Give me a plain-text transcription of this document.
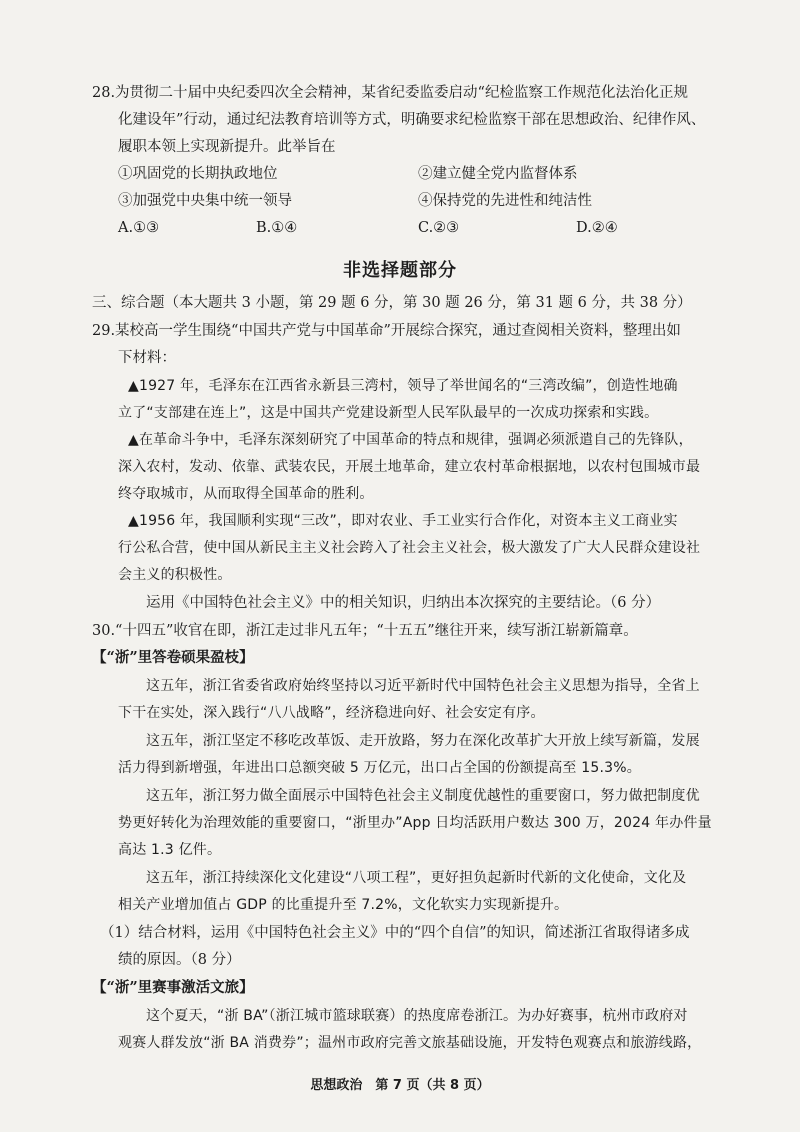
28.为贯彻二十届中央纪委四次全会精神，某省纪委监委启动“纪检监察工作规范化法治化正规
化建设年”行动，通过纪法教育培训等方式，明确要求纪检监察干部在思想政治、纪律作风、
履职本领上实现新提升。此举旨在
①巩固党的长期执政地位	②建立健全党内监督体系
③加强党中央集中统一领导	④保持党的先进性和纯洁性
A.①③	B.①④	C.②③	D.②④
非选择题部分
三、综合题（本大题共 3 小题，第 29 题 6 分，第 30 题 26 分，第 31 题 6 分，共 38 分）
29.某校高一学生围绕“中国共产党与中国革命”开展综合探究，通过查阅相关资料，整理出如
下材料：
▲1927 年，毛泽东在江西省永新县三湾村，领导了举世闻名的“三湾改编”，创造性地确
立了“支部建在连上”，这是中国共产党建设新型人民军队最早的一次成功探索和实践。
▲在革命斗争中，毛泽东深刻研究了中国革命的特点和规律，强调必须派遣自己的先锋队，
深入农村，发动、依靠、武装农民，开展土地革命，建立农村革命根据地，以农村包围城市最
终夺取城市，从而取得全国革命的胜利。
▲1956 年，我国顺利实现“三改”，即对农业、手工业实行合作化，对资本主义工商业实
行公私合营，使中国从新民主主义社会跨入了社会主义社会，极大激发了广大人民群众建设社
会主义的积极性。
运用《中国特色社会主义》中的相关知识，归纳出本次探究的主要结论。（6 分）
30.“十四五”收官在即，浙江走过非凡五年；“十五五”继往开来，续写浙江崭新篇章。
【“浙”里答卷硕果盈枝】
这五年，浙江省委省政府始终坚持以习近平新时代中国特色社会主义思想为指导，全省上
下干在实处，深入践行“八八战略”，经济稳进向好、社会安定有序。
这五年，浙江坚定不移吃改革饭、走开放路，努力在深化改革扩大开放上续写新篇，发展
活力得到新增强，年进出口总额突破 5 万亿元，出口占全国的份额提高至 15.3%。
这五年，浙江努力做全面展示中国特色社会主义制度优越性的重要窗口，努力做把制度优
势更好转化为治理效能的重要窗口，“浙里办”App 日均活跃用户数达 300 万，2024 年办件量
高达 1.3 亿件。
这五年，浙江持续深化文化建设“八项工程”，更好担负起新时代新的文化使命，文化及
相关产业增加值占 GDP 的比重提升至 7.2%，文化软实力实现新提升。
（1）结合材料，运用《中国特色社会主义》中的“四个自信”的知识，简述浙江省取得诸多成
绩的原因。（8 分）
【“浙”里赛事激活文旅】
这个夏天，“浙 BA”（浙江城市篮球联赛）的热度席卷浙江。为办好赛事，杭州市政府对
观赛人群发放“浙 BA 消费券”；温州市政府完善文旅基础设施，开发特色观赛点和旅游线路，
思想政治　第 7 页（共 8 页）
